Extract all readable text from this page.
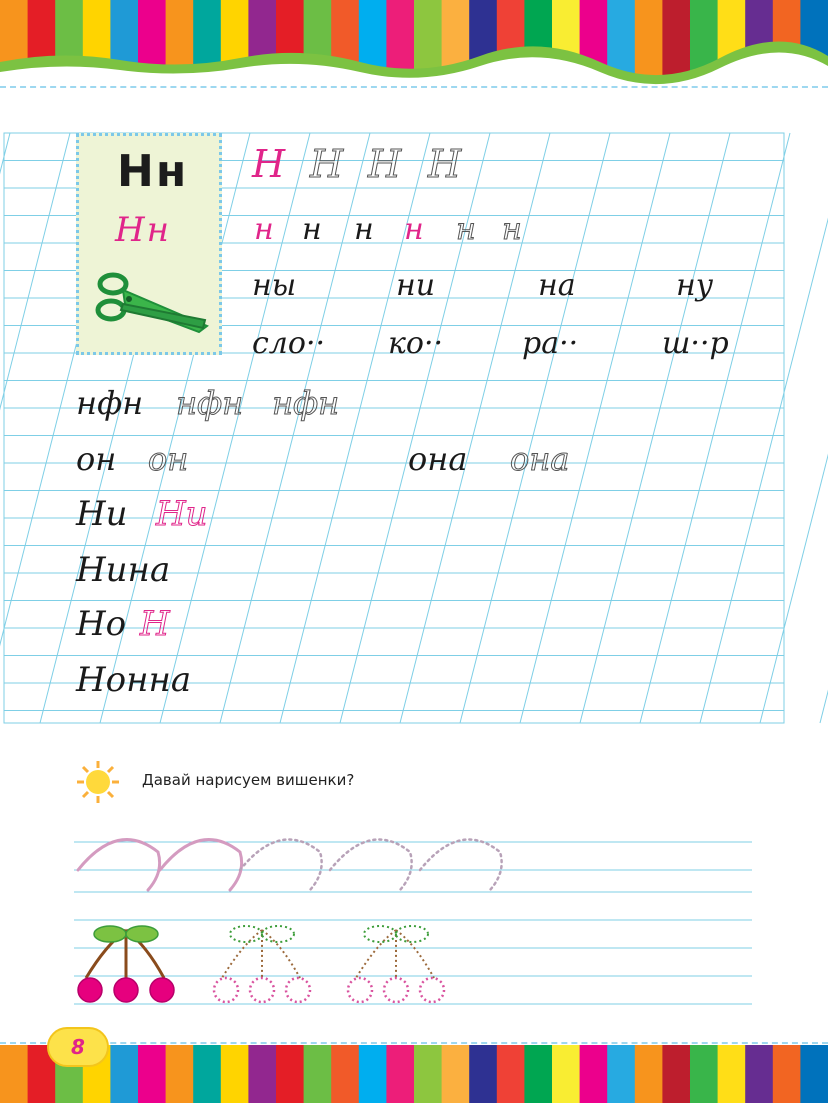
Нн
Нн
Н Н Н Н
н н н н н н
ны	ни	на	ну
сло·· ко··	ра··	ш··р
нфн нфн нфн
он он	она она
Ни Ни
Нина
Но Н
Нонна
Давай нарисуем вишенки?
8
